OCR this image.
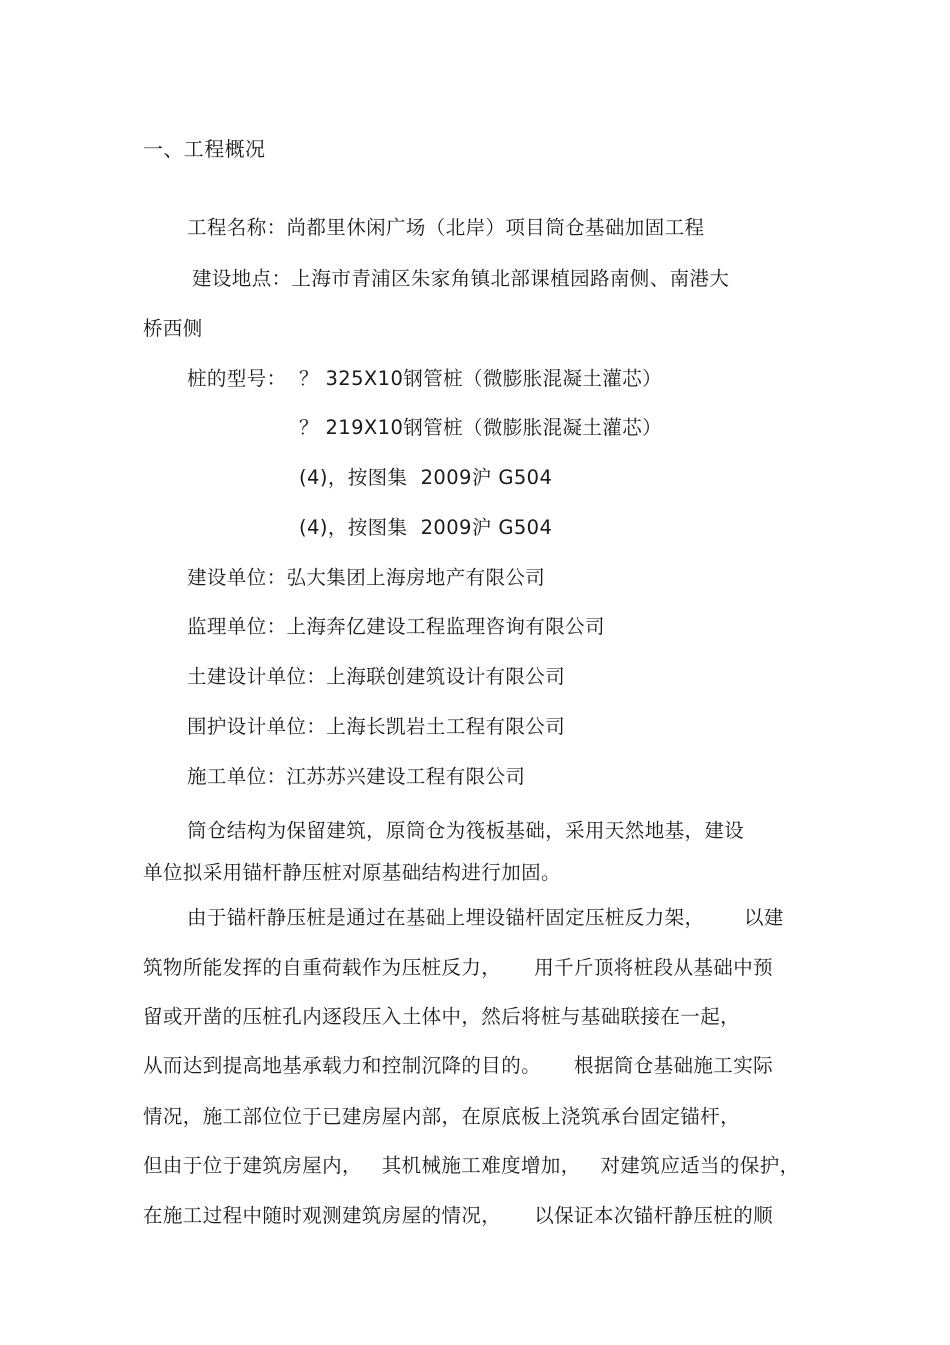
一、工程概况
工程名称：尚都里休闲广场（北岸）项目筒仓基础加固工程
建设地点：上海市青浦区朱家角镇北部课植园路南侧、南港大
桥西侧
桩的型号： ？ 325X10钢管桩（微膨胀混凝土灌芯）
？ 219X10钢管桩（微膨胀混凝土灌芯）
(4)，按图集  2009沪 G504
(4)，按图集  2009沪 G504
建设单位：弘大集团上海房地产有限公司
监理单位：上海奔亿建设工程监理咨询有限公司
土建设计单位：上海联创建筑设计有限公司
围护设计单位：上海长凯岩土工程有限公司
施工单位：江苏苏兴建设工程有限公司
筒仓结构为保留建筑，原筒仓为筏板基础，采用天然地基，建设
单位拟采用锚杆静压桩对原基础结构进行加固。
由于锚杆静压桩是通过在基础上埋设锚杆固定压桩反力架，      以建
筑物所能发挥的自重荷载作为压桩反力，     用千斤顶将桩段从基础中预
留或开凿的压桩孔内逐段压入土体中，然后将桩与基础联接在一起，
从而达到提高地基承载力和控制沉降的目的。     根据筒仓基础施工实际
情况，施工部位位于已建房屋内部，在原底板上浇筑承台固定锚杆，
但由于位于建筑房屋内，   其机械施工难度增加，   对建筑应适当的保护，
在施工过程中随时观测建筑房屋的情况，     以保证本次锚杆静压桩的顺
